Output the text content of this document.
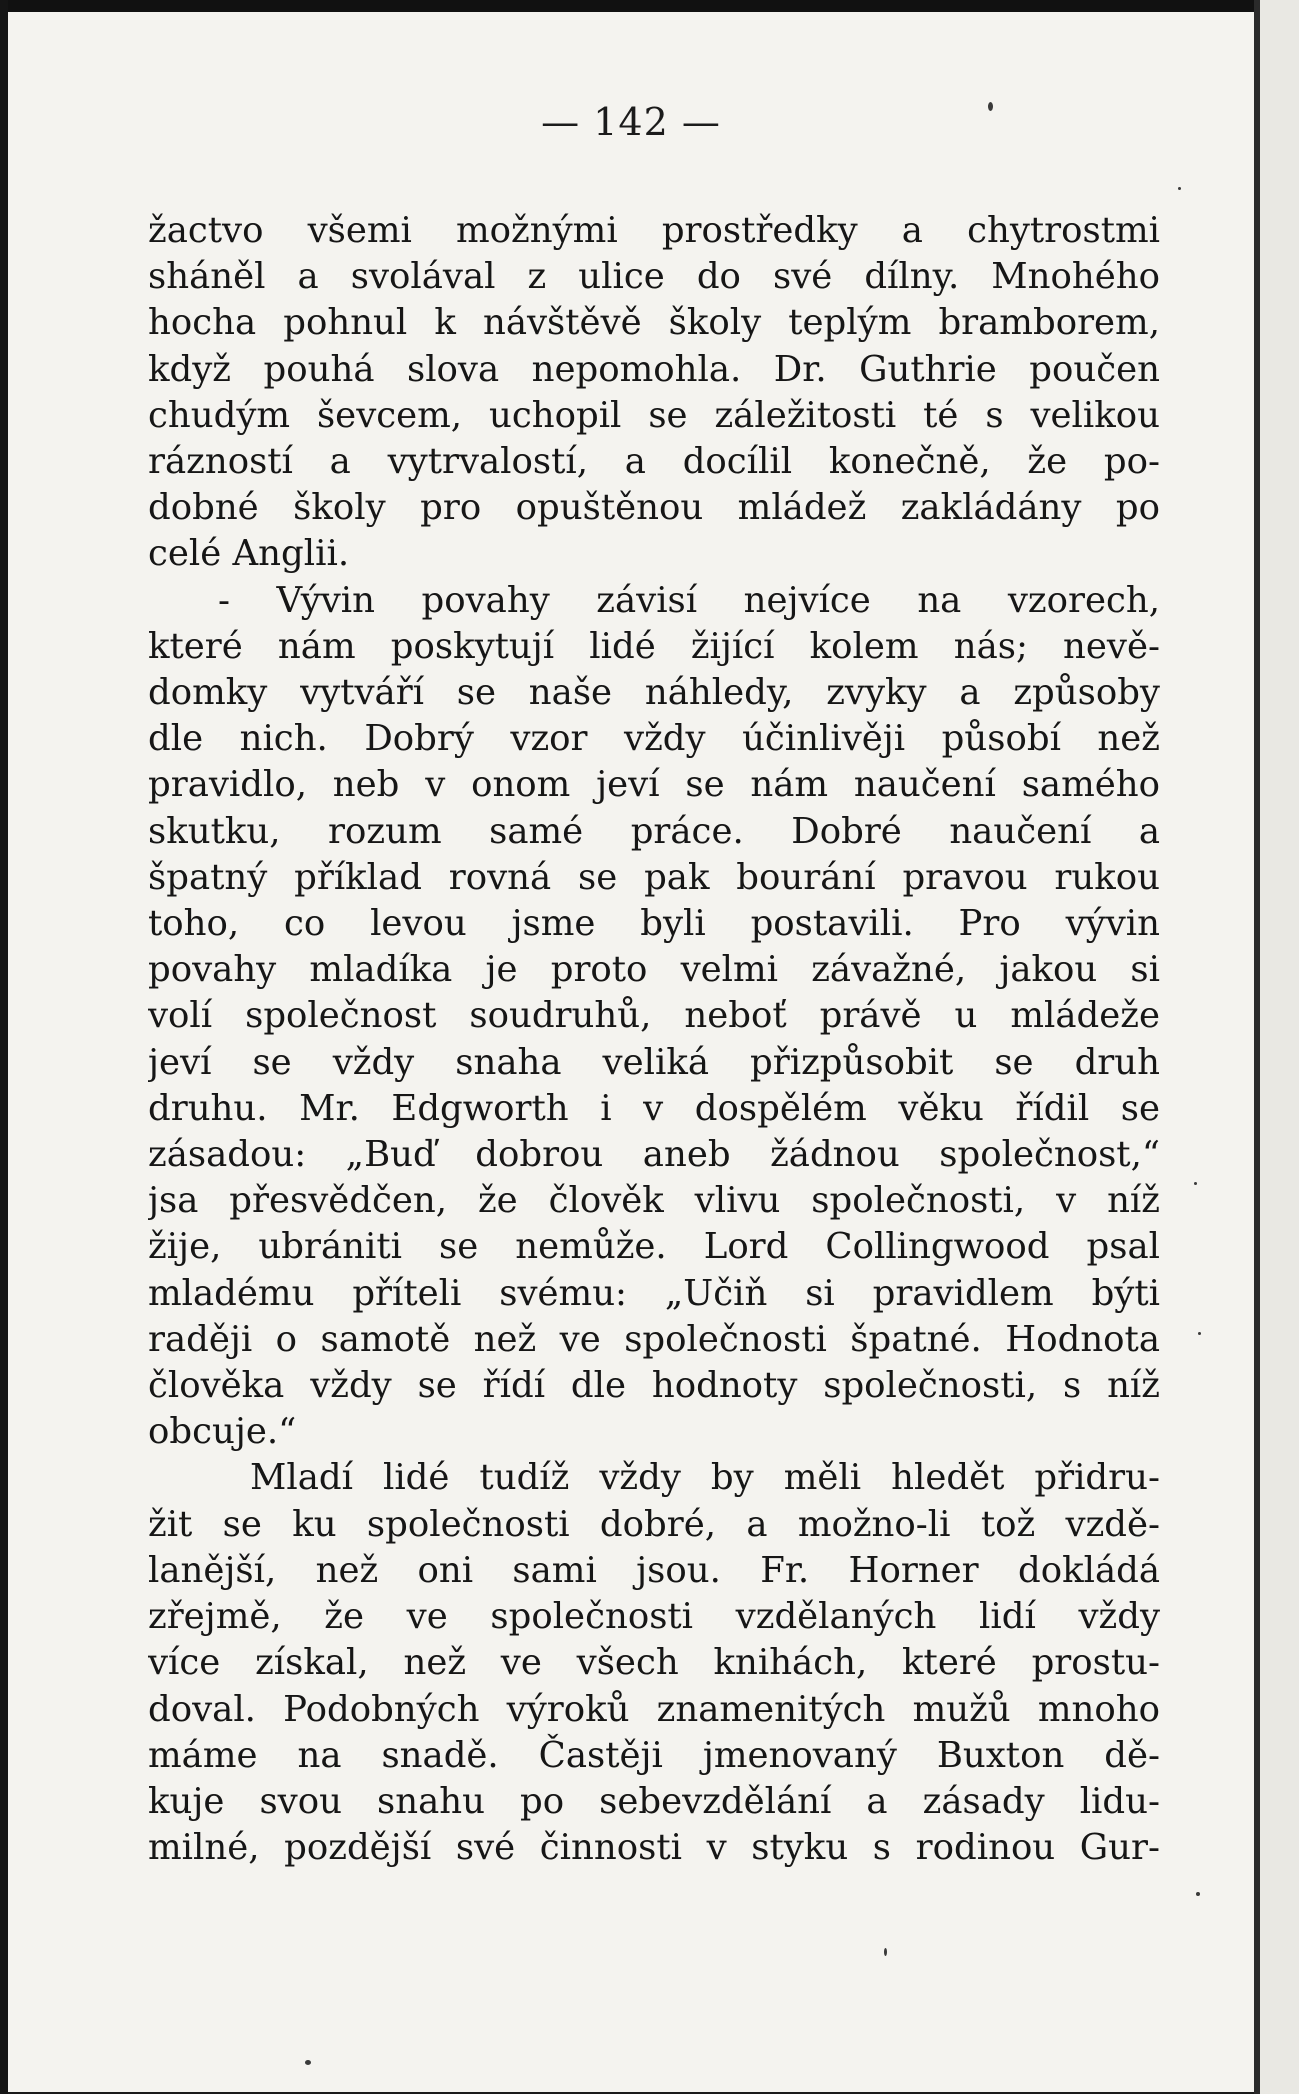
— 142 —
žactvo všemi možnými prostředky a chytrostmi
sháněl a svolával z ulice do své dílny. Mnohého
hocha pohnul k návštěvě školy teplým bramborem,
když pouhá slova nepomohla. Dr. Guthrie poučen
chudým ševcem, uchopil se záležitosti té s velikou
rázností a vytrvalostí, a docílil konečně, že po-
dobné školy pro opuštěnou mládež zakládány po
celé Anglii.
- Vývin povahy závisí nejvíce na vzorech,
které nám poskytují lidé žijící kolem nás; nevě-
domky vytváří se naše náhledy, zvyky a způsoby
dle nich. Dobrý vzor vždy účinlivěji působí než
pravidlo, neb v onom jeví se nám naučení samého
skutku, rozum samé práce. Dobré naučení a
špatný příklad rovná se pak bourání pravou rukou
toho, co levou jsme byli postavili. Pro vývin
povahy mladíka je proto velmi závažné, jakou si
volí společnost soudruhů, neboť právě u mládeže
jeví se vždy snaha veliká přizpůsobit se druh
druhu. Mr. Edgworth i v dospělém věku řídil se
zásadou: „Buď dobrou aneb žádnou společnost,“
jsa přesvědčen, že člověk vlivu společnosti, v níž
žije, ubrániti se nemůže. Lord Collingwood psal
mladému příteli svému: „Učiň si pravidlem býti
raději o samotě než ve společnosti špatné. Hodnota
člověka vždy se řídí dle hodnoty společnosti, s níž
obcuje.“
Mladí lidé tudíž vždy by měli hledět přidru-
žit se ku společnosti dobré, a možno-li tož vzdě-
lanější, než oni sami jsou. Fr. Horner dokládá
zřejmě, že ve společnosti vzdělaných lidí vždy
více získal, než ve všech knihách, které prostu-
doval. Podobných výroků znamenitých mužů mnoho
máme na snadě. Častěji jmenovaný Buxton dě-
kuje svou snahu po sebevzdělání a zásady lidu-
milné, pozdější své činnosti v styku s rodinou Gur-
